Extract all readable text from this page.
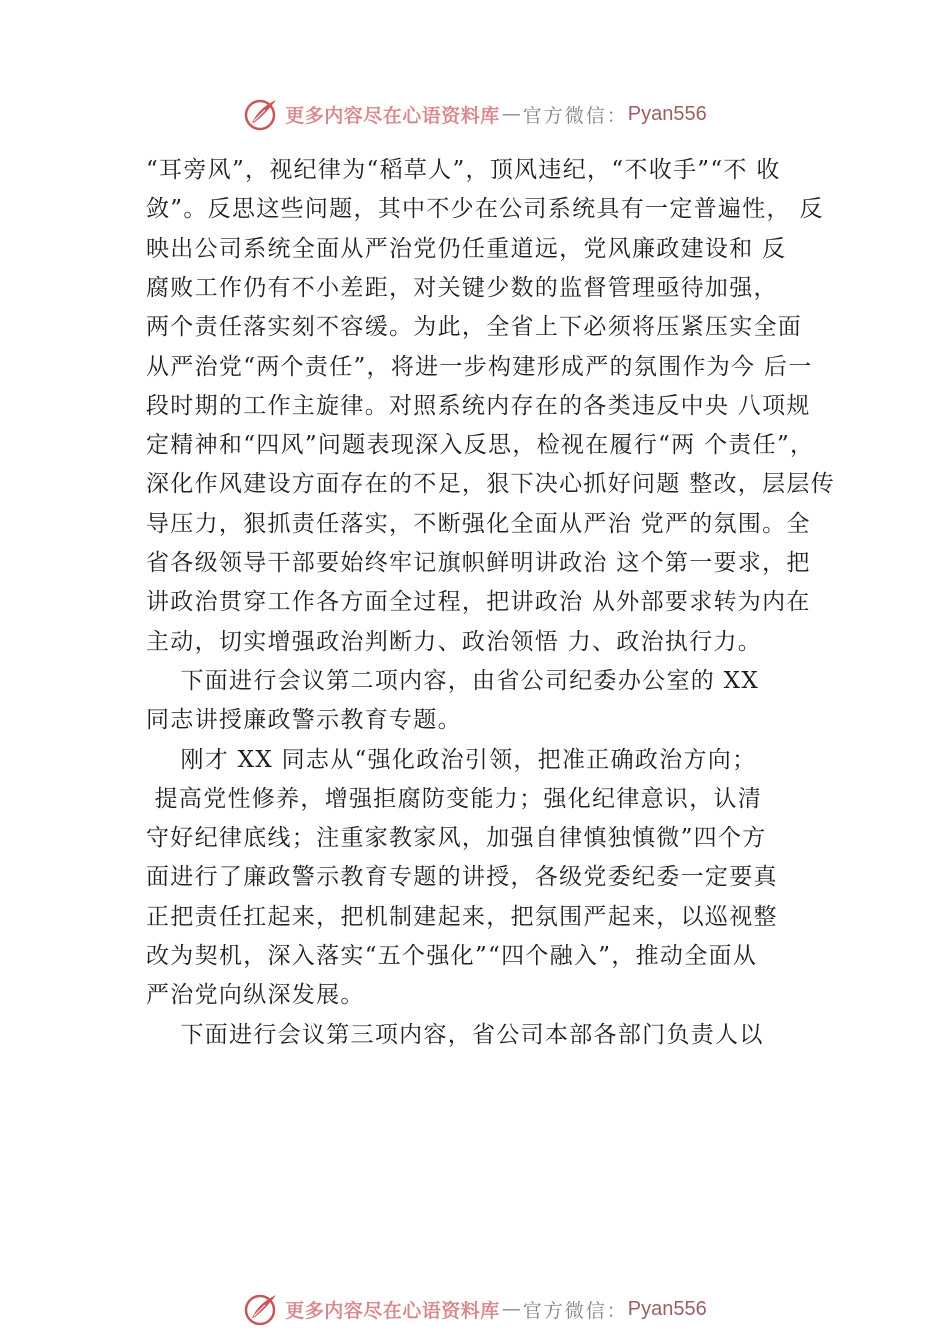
更多内容尽在心语资料库 — 官方微信： Pyan556
“耳旁风”，视纪律为“稻草人”，顶风违纪，“不收手”“不 收
敛”。反思这些问题，其中不少在公司系统具有一定普遍性， 反
映出公司系统全面从严治党仍任重道远，党风廉政建设和 反
腐败工作仍有不小差距，对关键少数的监督管理亟待加强，
两个责任落实刻不容缓。为此，全省上下必须将压紧压实全面
从严治党“两个责任”，将进一步构建形成严的氛围作为今 后一
段时期的工作主旋律。对照系统内存在的各类违反中央 八项规
定精神和“四风”问题表现深入反思，检视在履行“两 个责任”，
深化作风建设方面存在的不足，狠下决心抓好问题 整改，层层传
导压力，狠抓责任落实，不断强化全面从严治 党严的氛围。全
省各级领导干部要始终牢记旗帜鲜明讲政治 这个第一要求，把
讲政治贯穿工作各方面全过程，把讲政治 从外部要求转为内在
主动，切实增强政治判断力、政治领悟 力、政治执行力。
下面进行会议第二项内容，由省公司纪委办公室的 XX
同志讲授廉政警示教育专题。
刚才 XX 同志从“强化政治引领，把准正确政治方向；
提高党性修养，增强拒腐防变能力；强化纪律意识，认清
守好纪律底线；注重家教家风，加强自律慎独慎微”四个方
面进行了廉政警示教育专题的讲授，各级党委纪委一定要真
正把责任扛起来，把机制建起来，把氛围严起来，以巡视整
改为契机，深入落实“五个强化”“四个融入”，推动全面从
严治党向纵深发展。
下面进行会议第三项内容，省公司本部各部门负责人以
更多内容尽在心语资料库 — 官方微信： Pyan556
